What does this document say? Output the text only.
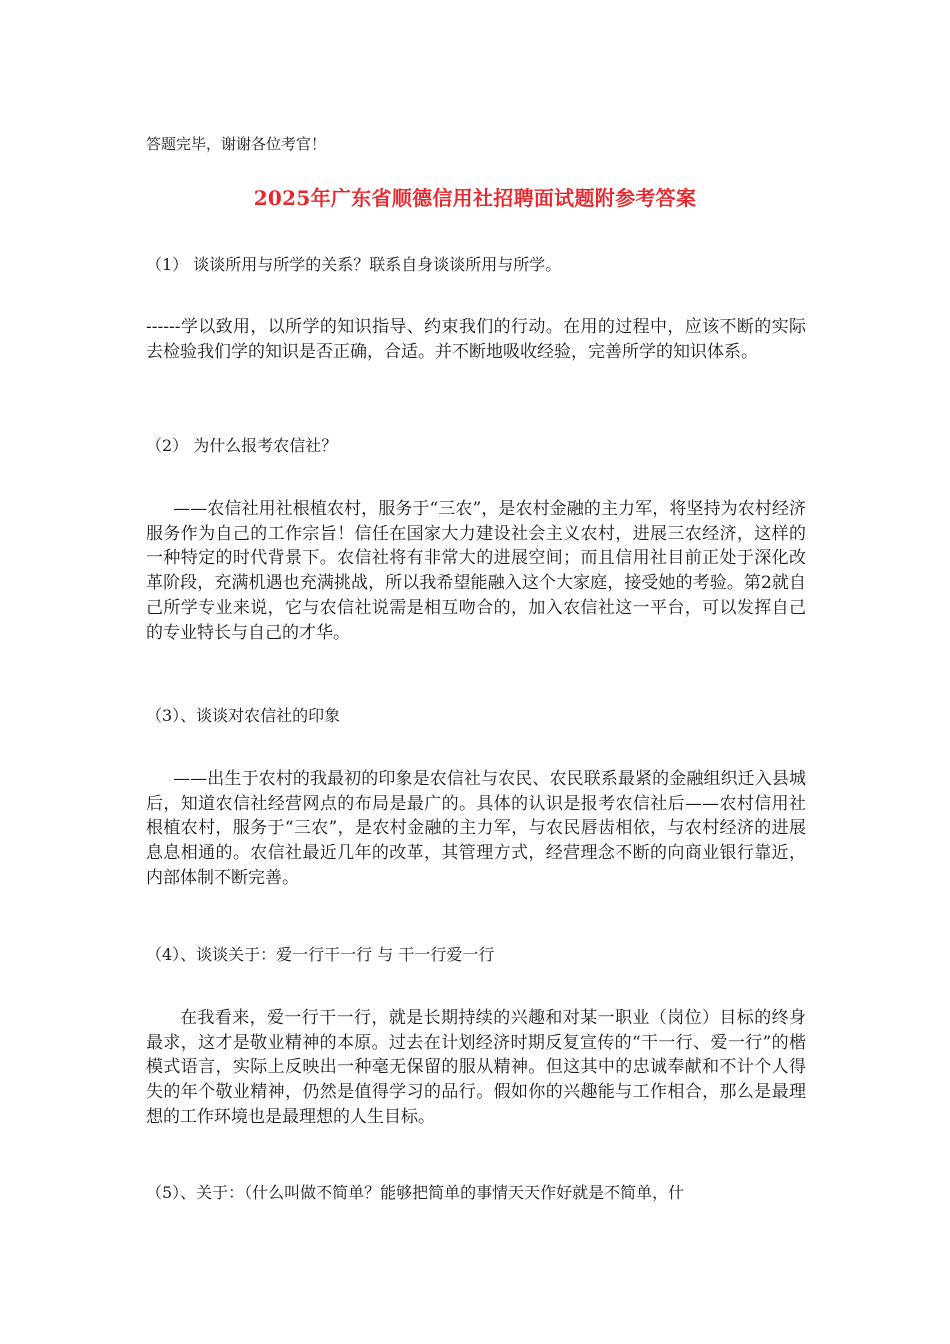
答题完毕，谢谢各位考官！

2025年广东省顺德信用社招聘面试题附参考答案

（1） 谈谈所用与所学的关系？联系自身谈谈所用与所学。

------学以致用，以所学的知识指导、约束我们的行动。在用的过程中，应该不断的实际去检验我们学的知识是否正确，合适。并不断地吸收经验，完善所学的知识体系。

（2） 为什么报考农信社？

——农信社用社根植农村，服务于“三农”，是农村金融的主力军，将坚持为农村经济服务作为自己的工作宗旨！信任在国家大力建设社会主义农村，进展三农经济，这样的一种特定的时代背景下。农信社将有非常大的进展空间；而且信用社目前正处于深化改革阶段，充满机遇也充满挑战，所以我希望能融入这个大家庭，接受她的考验。第2就自己所学专业来说，它与农信社说需是相互吻合的，加入农信社这一平台，可以发挥自己的专业特长与自己的才华。

（3）、谈谈对农信社的印象

——出生于农村的我最初的印象是农信社与农民、农民联系最紧的金融组织迁入县城后，知道农信社经营网点的布局是最广的。具体的认识是报考农信社后——农村信用社根植农村，服务于“三农”，是农村金融的主力军，与农民唇齿相依，与农村经济的进展息息相通的。农信社最近几年的改革，其管理方式，经营理念不断的向商业银行靠近，内部体制不断完善。

（4）、谈谈关于：爱一行干一行 与 干一行爱一行

在我看来，爱一行干一行，就是长期持续的兴趣和对某一职业（岗位）目标的终身最求，这才是敬业精神的本原。过去在计划经济时期反复宣传的“干一行、爱一行”的楷模式语言，实际上反映出一种毫无保留的服从精神。但这其中的忠诚奉献和不计个人得失的年个敬业精神，仍然是值得学习的品行。假如你的兴趣能与工作相合，那么是最理想的工作环境也是最理想的人生目标。

（5）、关于：（什么叫做不简单？能够把简单的事情天天作好就是不简单，什
